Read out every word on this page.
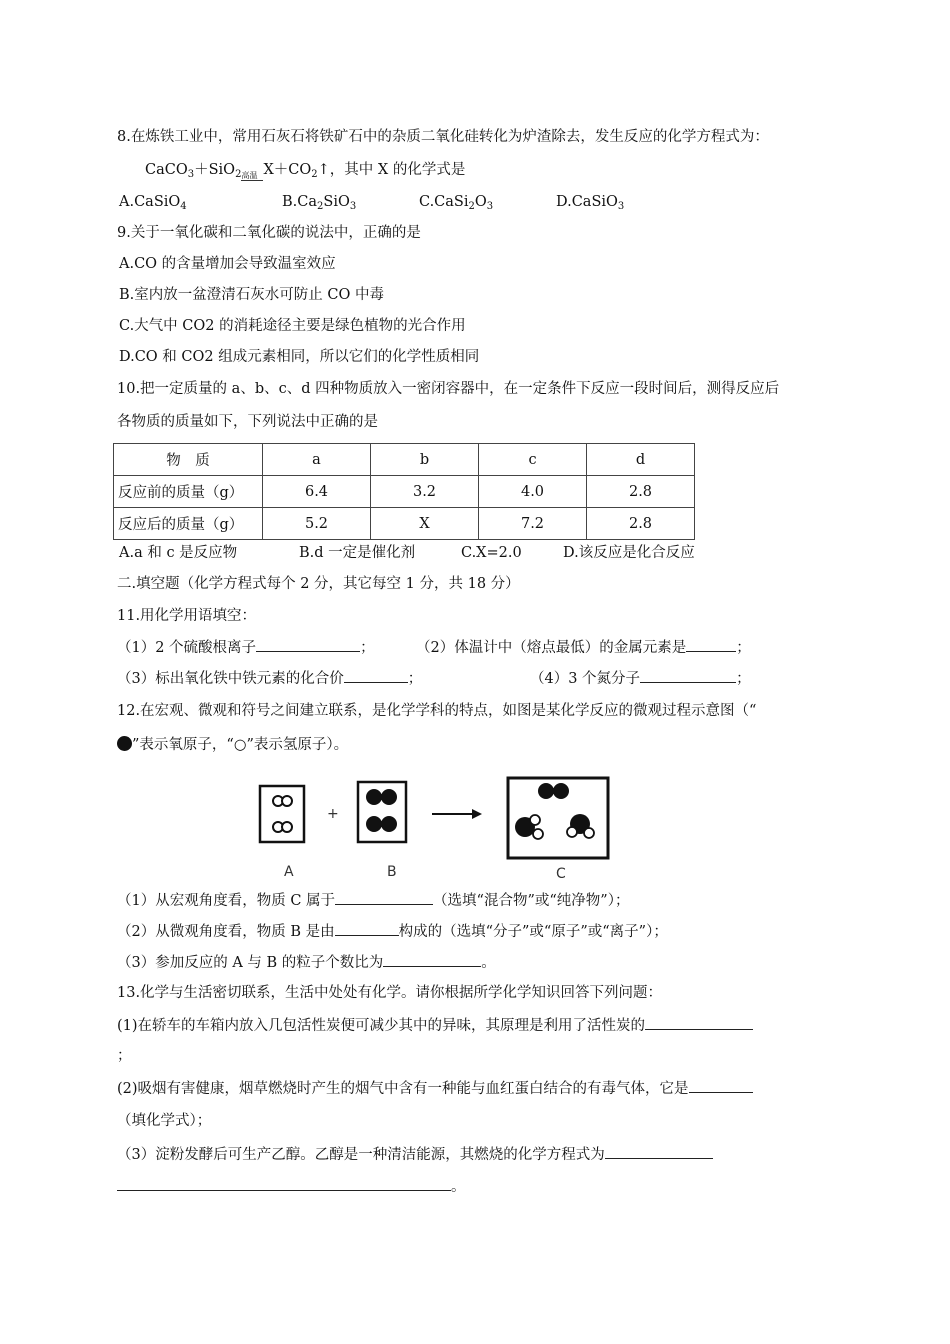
8.在炼铁工业中，常用石灰石将铁矿石中的杂质二氧化硅转化为炉渣除去，发生反应的化学方程式为：
CaCO$_3$＋SiO$_2$ 高温 $X+CO_2↑$，其中 X 的化学式是
A.CaSiO$_4$	$B.Ca_2SiO_3$	$C.CaSi_2O_3$	D.CaSiO$_3$
9.关于一氧化碳和二氧化碳的说法中，正确的是
A.CO 的含量增加会导致温室效应
B.室内放一盆澄清石灰水可防止 CO 中毒
C.大气中 CO2 的消耗途径主要是绿色植物的光合作用
D.CO 和 CO2 组成元素相同，所以它们的化学性质相同
10.把一定质量的 a、b、c、d 四种物质放入一密闭容器中，在一定条件下反应一段时间后，测得反应后
各物质的质量如下，下列说法中正确的是
物　质	a	b	c	d
反应前的质量（g）	6.4	3.2	4.0	2.8
反应后的质量（g）	5.2	X	7.2	2.8
A.a 和 c 是反应物	B.d 一定是催化剂	C.X=2.0	D.该反应是化合反应
二.填空题（化学方程式每个 2 分，其它每空 1 分，共 18 分）
11.用化学用语填空：
（1）2 个硫酸根离子	；	（2）体温计中（熔点最低）的金属元素是	；
（3）标出氧化铁中铁元素的化合价	；	（4）3 个氮分子	；
12.在宏观、微观和符号之间建立联系，是化学学科的特点，如图是某化学反应的微观过程示意图（“
”表示氧原子，“○”表示氢原子）。
+
A	B	C
（1）从宏观角度看，物质 C 属于	（选填“混合物”或“纯净物”）；
（2）从微观角度看，物质 B 是由	构成的（选填“分子”或“原子”或“离子”）；
（3）参加反应的 A 与 B 的粒子个数比为	。
13.化学与生活密切联系，生活中处处有化学。请你根据所学化学知识回答下列问题：
(1)在轿车的车箱内放入几包活性炭便可减少其中的异味，其原理是利用了活性炭的
；
(2)吸烟有害健康，烟草燃烧时产生的烟气中含有一种能与血红蛋白结合的有毒气体，它是
（填化学式）；
（3）淀粉发酵后可生产乙醇。乙醇是一种清洁能源，其燃烧的化学方程式为
。
